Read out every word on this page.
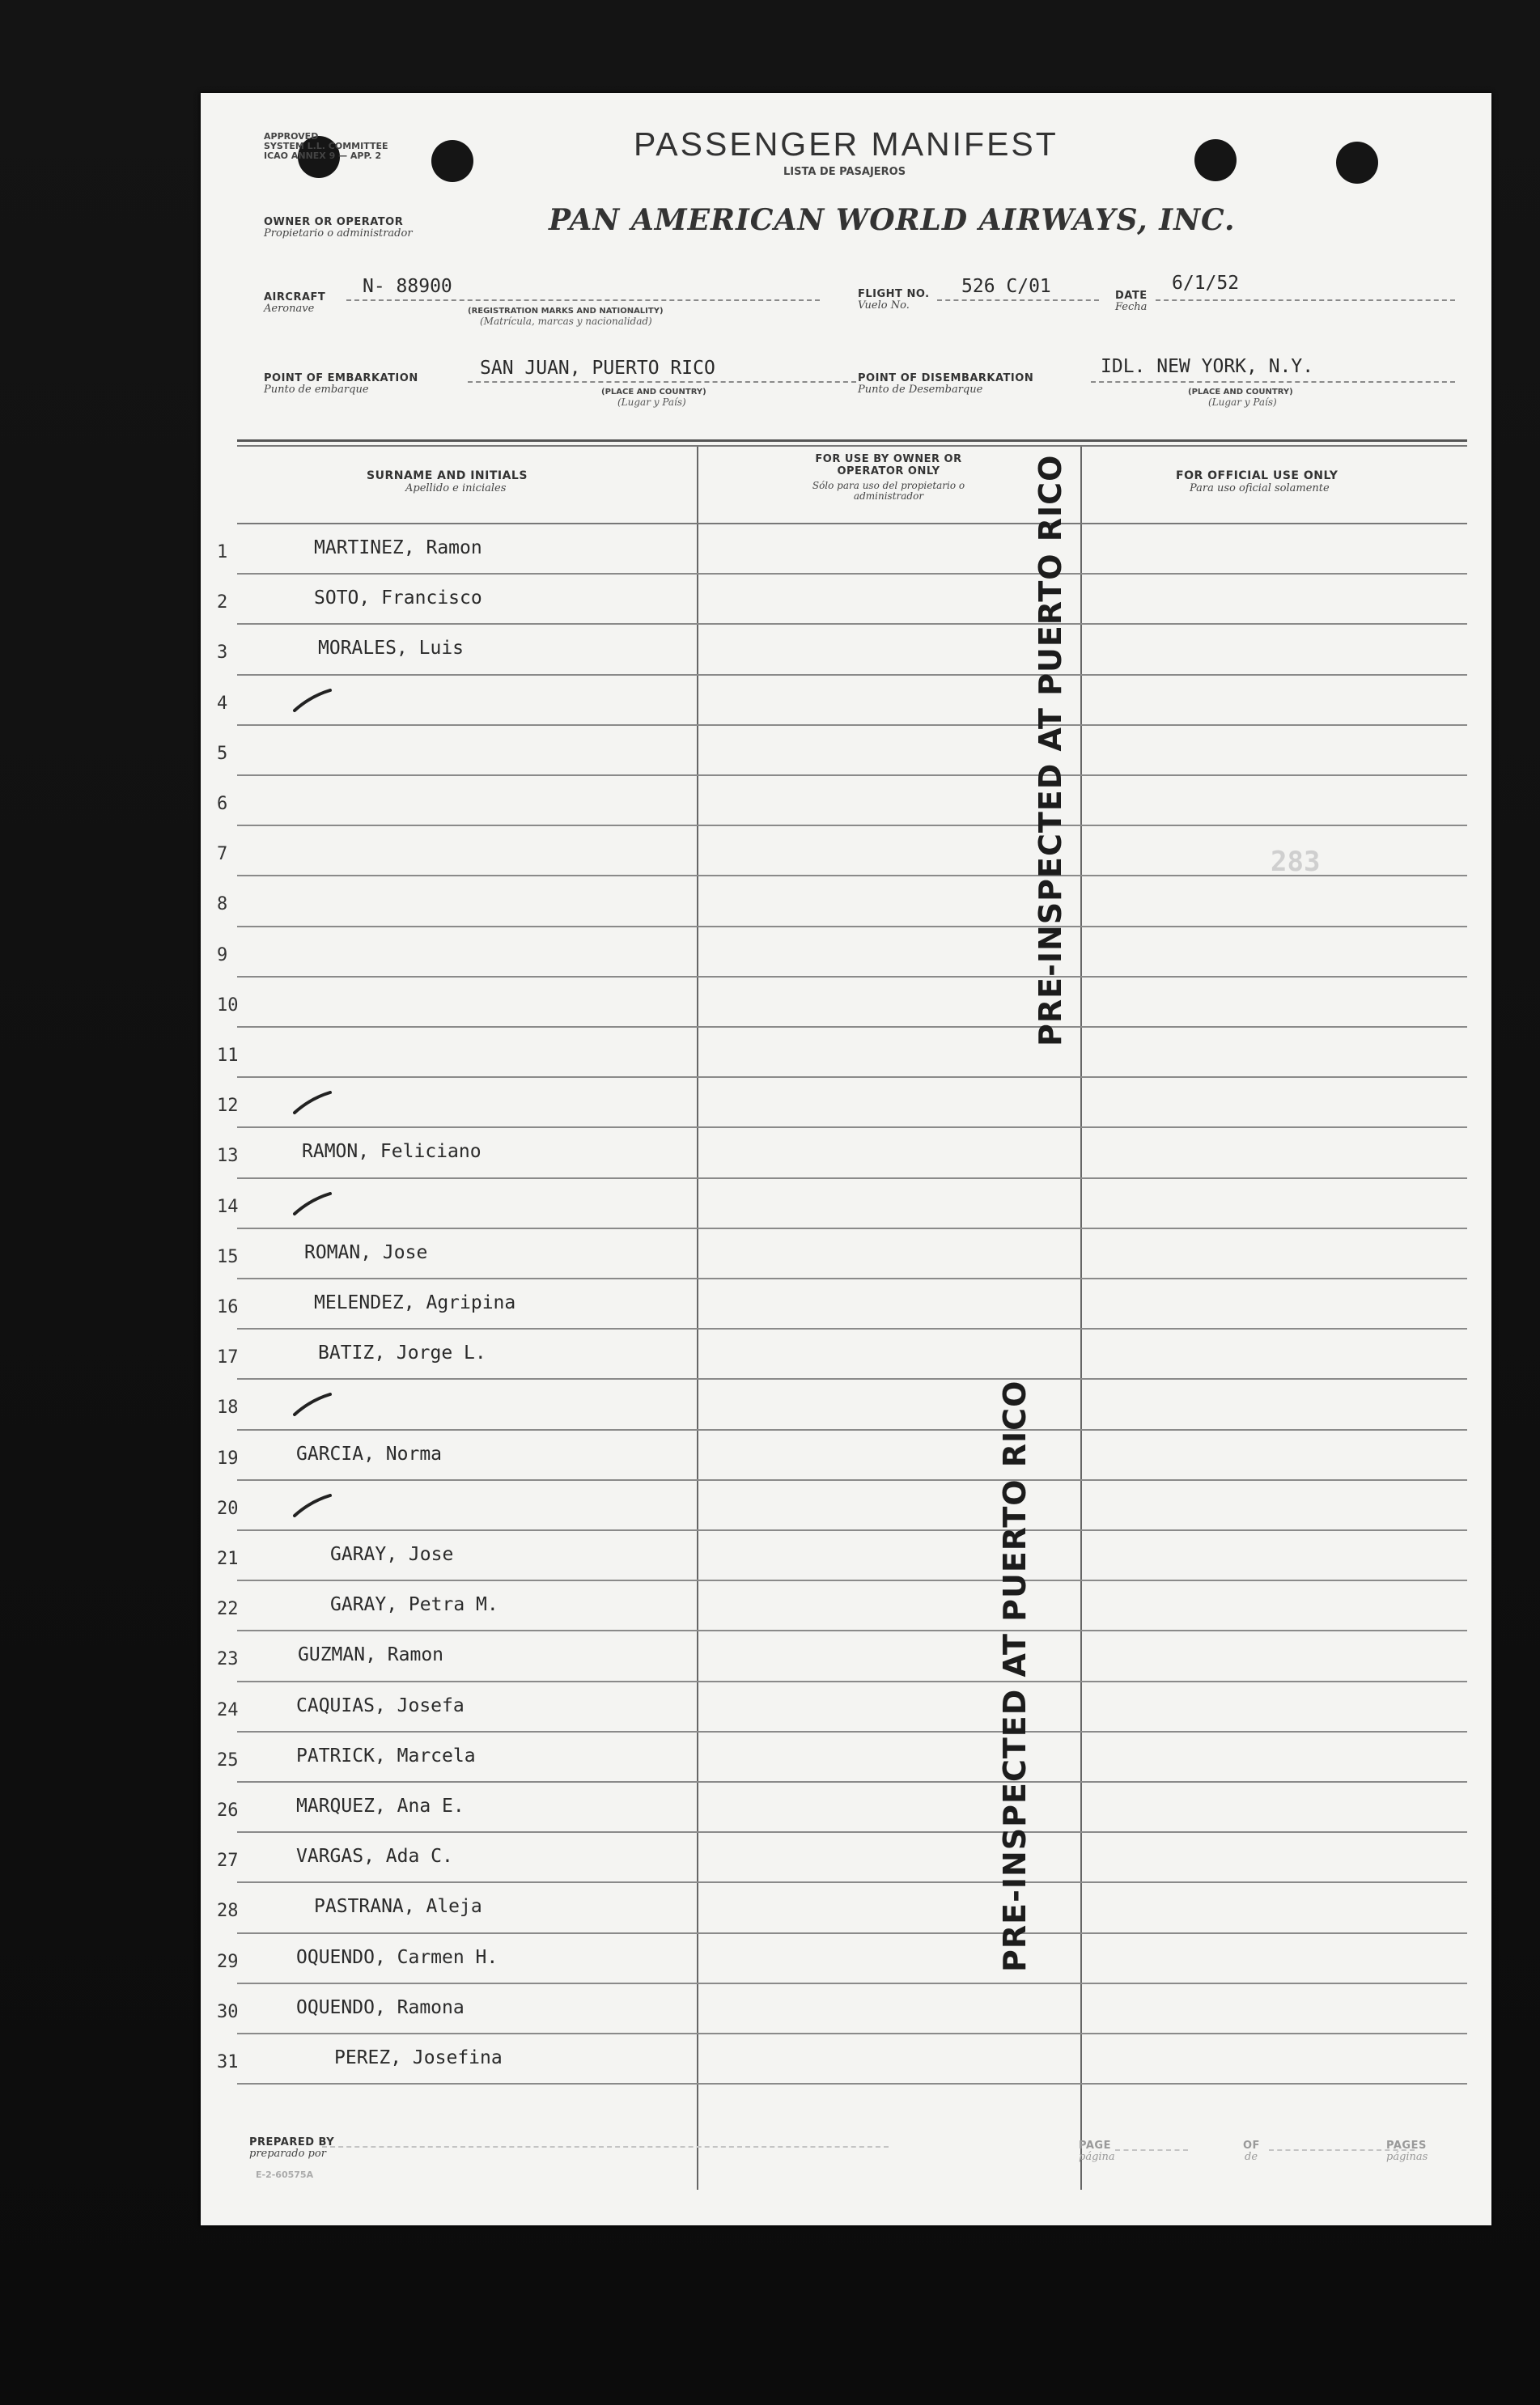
APPROVED
SYSTEM L.L. COMMITTEE
ICAO ANNEX 9 — APP. 2	PASSENGER MANIFEST
LISTA DE PASAJEROS
OWNER OR OPERATOR
Propietario o administrador	PAN AMERICAN WORLD AIRWAYS, INC.
AIRCRAFT
Aeronave
N- 88900
(REGISTRATION MARKS AND NATIONALITY)
(Matrícula, marcas y nacionalidad)
FLIGHT NO.
Vuelo No.
526 C/01	DATE
Fecha
6/1/52
POINT OF EMBARKATION
Punto de embarque
SAN JUAN, PUERTO RICO
(PLACE AND COUNTRY)
(Lugar y País)
POINT OF DISEMBARKATION
Punto de Desembarque
IDL. NEW YORK, N.Y.
(PLACE AND COUNTRY)
(Lugar y País)
SURNAME AND INITIALS
Apellido e iniciales
FOR USE BY OWNER OR OPERATOR ONLY
Sólo para uso del propietario o administrador
FOR OFFICIAL USE ONLY
Para uso oficial solamente
1	MARTINEZ, Ramon
2	SOTO, Francisco
3	MORALES, Luis
4
5
6
7
8
9
10
11
12
13	RAMON, Feliciano
14
15	ROMAN, Jose
16	MELENDEZ, Agripina
17	BATIZ, Jorge L.
18
19	GARCIA, Norma
20
21	GARAY, Jose
22	GARAY, Petra M.
23	GUZMAN, Ramon
24	CAQUIAS, Josefa
25	PATRICK, Marcela
26	MARQUEZ, Ana E.
27	VARGAS, Ada C.
28	PASTRANA, Aleja
29	OQUENDO, Carmen H.
30	OQUENDO, Ramona
31	PEREZ, Josefina
PRE-INSPECTED AT PUERTO RICO
PRE-INSPECTED AT PUERTO RICO
283
PREPARED BY
preparado por
E-2-60575A
PAGE
página
OF
de
PAGES
páginas
